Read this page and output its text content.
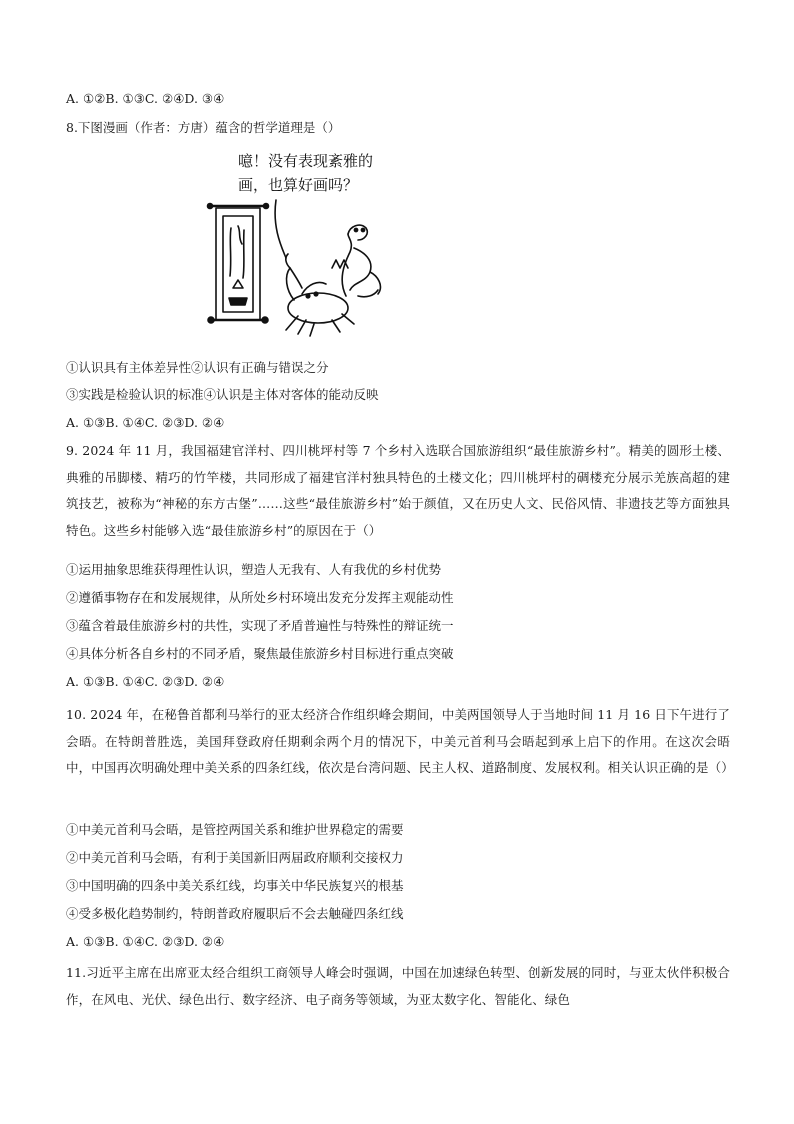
A. ①②B. ①③C. ②④D. ③④
8.下图漫画（作者：方唐）蕴含的哲学道理是（）
噫！没有表现紊雅的
画，也算好画吗？
①认识具有主体差异性②认识有正确与错误之分
③实践是检验认识的标准④认识是主体对客体的能动反映
A. ①③B. ①④C. ②③D. ②④
9. 2024 年 11 月，我国福建官洋村、四川桃坪村等 7 个乡村入选联合国旅游组织“最佳旅游乡村”。精美的圆形土楼、典雅的吊脚楼、精巧的竹竿楼，共同形成了福建官洋村独具特色的土楼文化；四川桃坪村的碉楼充分展示羌族高超的建筑技艺，被称为“神秘的东方古堡”……这些“最佳旅游乡村”始于颜值，又在历史人文、民俗风情、非遗技艺等方面独具特色。这些乡村能够入选“最佳旅游乡村”的原因在于（）
①运用抽象思维获得理性认识，塑造人无我有、人有我优的乡村优势
②遵循事物存在和发展规律，从所处乡村环境出发充分发挥主观能动性
③蕴含着最佳旅游乡村的共性，实现了矛盾普遍性与特殊性的辩证统一
④具体分析各自乡村的不同矛盾，聚焦最佳旅游乡村目标进行重点突破
A. ①③B. ①④C. ②③D. ②④
10. 2024 年，在秘鲁首都利马举行的亚太经济合作组织峰会期间，中美两国领导人于当地时间 11 月 16 日下午进行了会晤。在特朗普胜选，美国拜登政府任期剩余两个月的情况下，中美元首利马会晤起到承上启下的作用。在这次会晤中，中国再次明确处理中美关系的四条红线，依次是台湾问题、民主人权、道路制度、发展权利。相关认识正确的是（）
①中美元首利马会晤，是管控两国关系和维护世界稳定的需要
②中美元首利马会晤，有利于美国新旧两届政府顺利交接权力
③中国明确的四条中美关系红线，均事关中华民族复兴的根基
④受多极化趋势制约，特朗普政府履职后不会去触碰四条红线
A. ①③B. ①④C. ②③D. ②④
11.习近平主席在出席亚太经合组织工商领导人峰会时强调，中国在加速绿色转型、创新发展的同时，与亚太伙伴积极合作，在风电、光伏、绿色出行、数字经济、电子商务等领域，为亚太数字化、智能化、绿色
